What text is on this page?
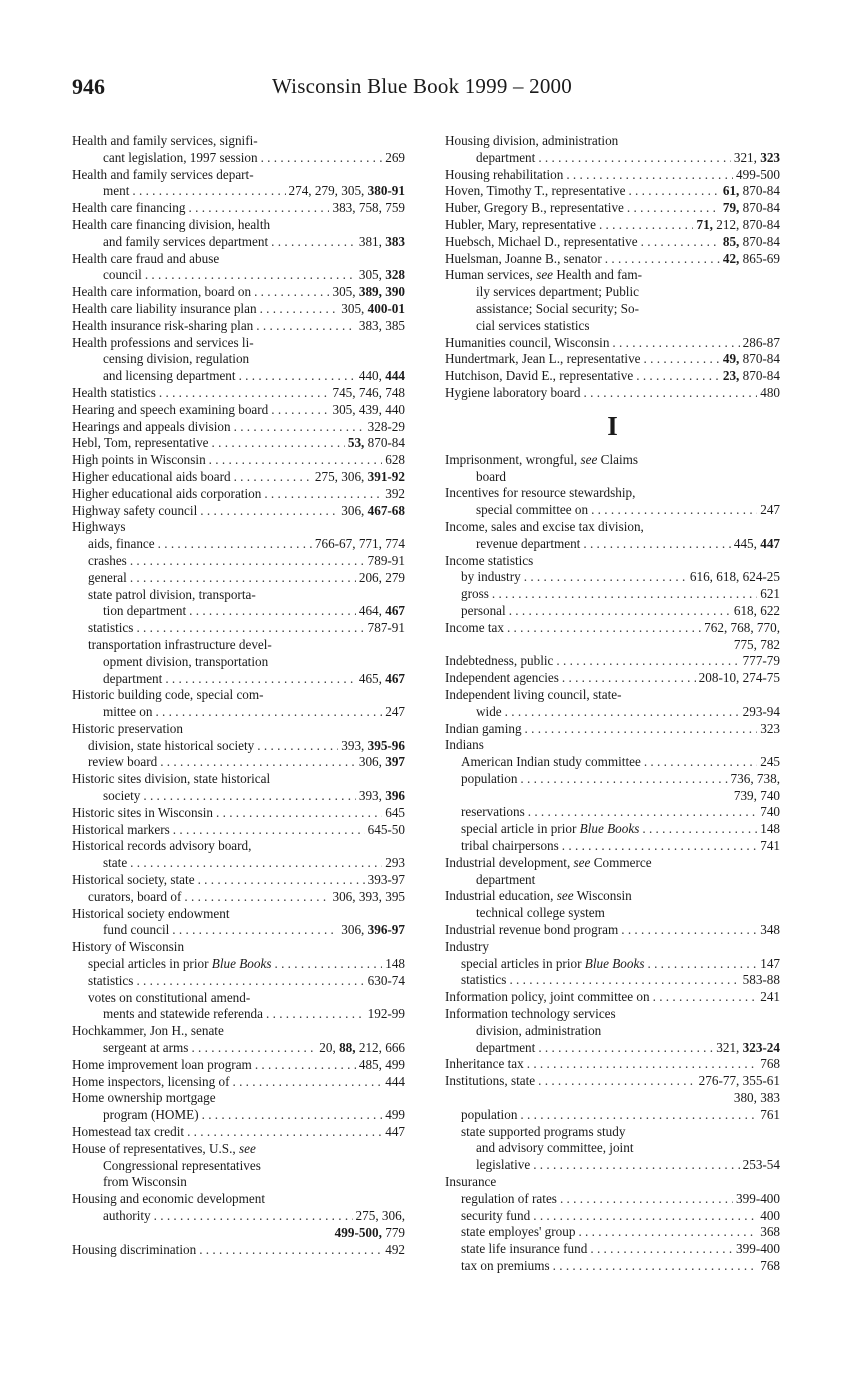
946	Wisconsin Blue Book 1999 – 2000
Health and family services, signifi-
cant legislation, 1997 session . . .	269
Health and family services depart-
ment . . .	274, 279, 305, 380-91
Health care financing . . .	383, 758, 759
Health care financing division, health
and family services department . . .	381, 383
Health care fraud and abuse
council . . .	305, 328
Health care information, board on . . .	305, 389, 390
Health care liability insurance plan . . .	305, 400-01
Health insurance risk-sharing plan . . .	383, 385
Health professions and services li-
censing division, regulation
and licensing department . . .	440, 444
Health statistics . . .	745, 746, 748
Hearing and speech examining board . . .	305, 439, 440
Hearings and appeals division . . .	328-29
Hebl, Tom, representative . . .	53, 870-84
High points in Wisconsin . . .	628
Higher educational aids board . . .	275, 306, 391-92
Higher educational aids corporation . . .	392
Highway safety council . . .	306, 467-68
Highways
aids, finance . . .	766-67, 771, 774
crashes . . .	789-91
general . . .	206, 279
state patrol division, transporta-
tion department . . .	464, 467
statistics . . .	787-91
transportation infrastructure devel-
opment division, transportation
department . . .	465, 467
Historic building code, special com-
mittee on . . .	247
Historic preservation
division, state historical society . . .	393, 395-96
review board . . .	306, 397
Historic sites division, state historical
society . . .	393, 396
Historic sites in Wisconsin . . .	645
Historical markers . . .	645-50
Historical records advisory board,
state . . .	293
Historical society, state . . .	393-97
curators, board of . . .	306, 393, 395
Historical society endowment
fund council . . .	306, 396-97
History of Wisconsin
special articles in prior Blue Books . . .	148
statistics . . .	630-74
votes on constitutional amend-
ments and statewide referenda . . .	192-99
Hochkammer, Jon H., senate
sergeant at arms . . .	20, 88, 212, 666
Home improvement loan program . . .	485, 499
Home inspectors, licensing of . . .	444
Home ownership mortgage
program (HOME) . . .	499
Homestead tax credit . . .	447
House of representatives, U.S., see
Congressional representatives
from Wisconsin
Housing and economic development
authority . . .	275, 306,
499-500, 779
Housing discrimination . . .	492
Housing division, administration
department . . .	321, 323
Housing rehabilitation . . .	499-500
Hoven, Timothy T., representative . . .	61, 870-84
Huber, Gregory B., representative . . .	79, 870-84
Hubler, Mary, representative . . .	71, 212, 870-84
Huebsch, Michael D., representative . . .	85, 870-84
Huelsman, Joanne B., senator . . .	42, 865-69
Human services, see Health and fam-
ily services department; Public
assistance; Social security; So-
cial services statistics
Humanities council, Wisconsin . . .	286-87
Hundertmark, Jean L., representative . . .	49, 870-84
Hutchison, David E., representative . . .	23, 870-84
Hygiene laboratory board . . .	480
I
Imprisonment, wrongful, see Claims
board
Incentives for resource stewardship,
special committee on . . .	247
Income, sales and excise tax division,
revenue department . . .	445, 447
Income statistics
by industry . . .	616, 618, 624-25
gross . . .	621
personal . . .	618, 622
Income tax . . .	762, 768, 770,
775, 782
Indebtedness, public . . .	777-79
Independent agencies . . .	208-10, 274-75
Independent living council, state-
wide . . .	293-94
Indian gaming . . .	323
Indians
American Indian study committee . . .	245
population . . .	736, 738,
739, 740
reservations . . .	740
special article in prior Blue Books . . .	148
tribal chairpersons . . .	741
Industrial development, see Commerce
department
Industrial education, see Wisconsin
technical college system
Industrial revenue bond program . . .	348
Industry
special articles in prior Blue Books . . .	147
statistics . . .	583-88
Information policy, joint committee on . . .	241
Information technology services
division, administration
department . . .	321, 323-24
Inheritance tax . . .	768
Institutions, state . . .	276-77, 355-61
380, 383
population . . .	761
state supported programs study
and advisory committee, joint
legislative . . .	253-54
Insurance
regulation of rates . . .	399-400
security fund . . .	400
state employes' group . . .	368
state life insurance fund . . .	399-400
tax on premiums . . .	768
